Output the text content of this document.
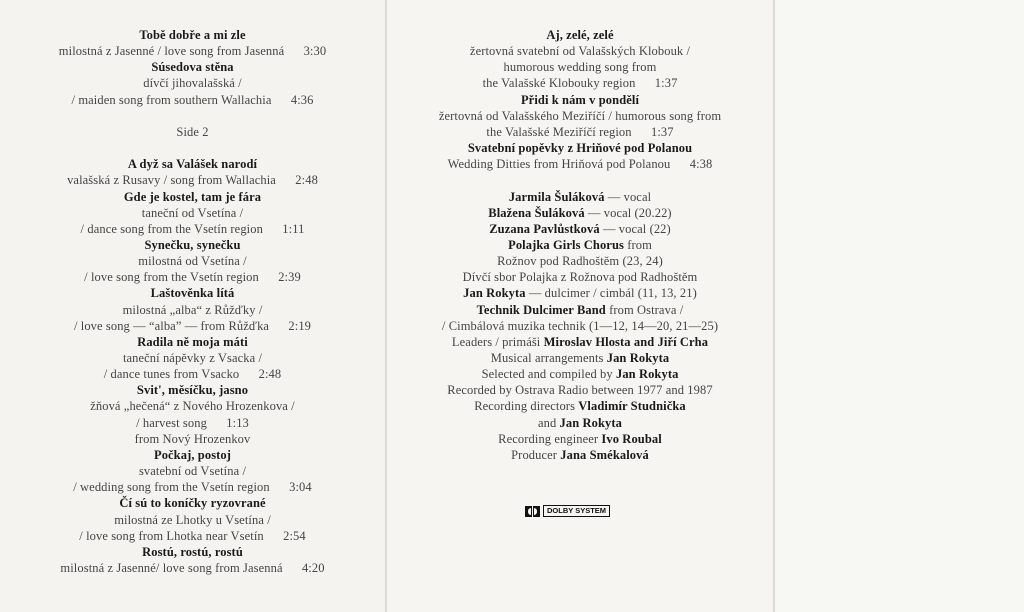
Tobě dobře a mi zle
milostná z Jasenné / love song from Jasenná      3:30
Súsedova stěna
dívčí jihovalašská /
/ maiden song from southern Wallachia      4:36
Side 2
A dyž sa Valášek narodí
valašská z Rusavy / song from Wallachia      2:48
Gde je kostel, tam je fára
taneční od Vsetína /
/ dance song from the Vsetín region      1:11
Synečku, synečku
milostná od Vsetína /
/ love song from the Vsetín region      2:39
Laštověnka lítá
milostná „alba“ z Růžďky /
/ love song — “alba” — from Růžďka      2:19
Radila ně moja máti
taneční nápěvky z Vsacka /
/ dance tunes from Vsacko      2:48
Svit', měsíčku, jasno
žňová „hečená“ z Nového Hrozenkova /
/ harvest song      1:13
from Nový Hrozenkov
Počkaj, postoj
svatební od Vsetína /
/ wedding song from the Vsetín region      3:04
Čí sú to koníčky ryzovrané
milostná ze Lhotky u Vsetína /
/ love song from Lhotka near Vsetín      2:54
Rostú, rostú, rostú
milostná z Jasenné/ love song from Jasenná      4:20
DOLBY SYSTEM
Aj, zelé, zelé
žertovná svatební od Valašských Klobouk /
humorous wedding song from
the Valašské Klobouky region      1:37
Přidi k nám v pondělí
žertovná od Valašského Meziříčí / humorous song from
the Valašské Meziříčí region      1:37
Svatební popěvky z Hriňové pod Polanou
Wedding Ditties from Hriňová pod Polanou      4:38
Jarmila Šuláková — vocal
Blažena Šuláková — vocal (20.22)
Zuzana Pavlůstková — vocal (22)
Polajka Girls Chorus from
Rožnov pod Radhoštěm (23, 24)
Dívčí sbor Polajka z Rožnova pod Radhoštěm
Jan Rokyta — dulcimer / cimbál (11, 13, 21)
Technik Dulcimer Band from Ostrava /
/ Cimbálová muzika technik (1—12, 14—20, 21—25)
Leaders / primáši Miroslav Hlosta and Jiří Crha
Musical arrangements Jan Rokyta
Selected and compiled by Jan Rokyta
Recorded by Ostrava Radio between 1977 and 1987
Recording directors Vladimír Studnička
and Jan Rokyta
Recording engineer Ivo Roubal
Producer Jana Smékalová
